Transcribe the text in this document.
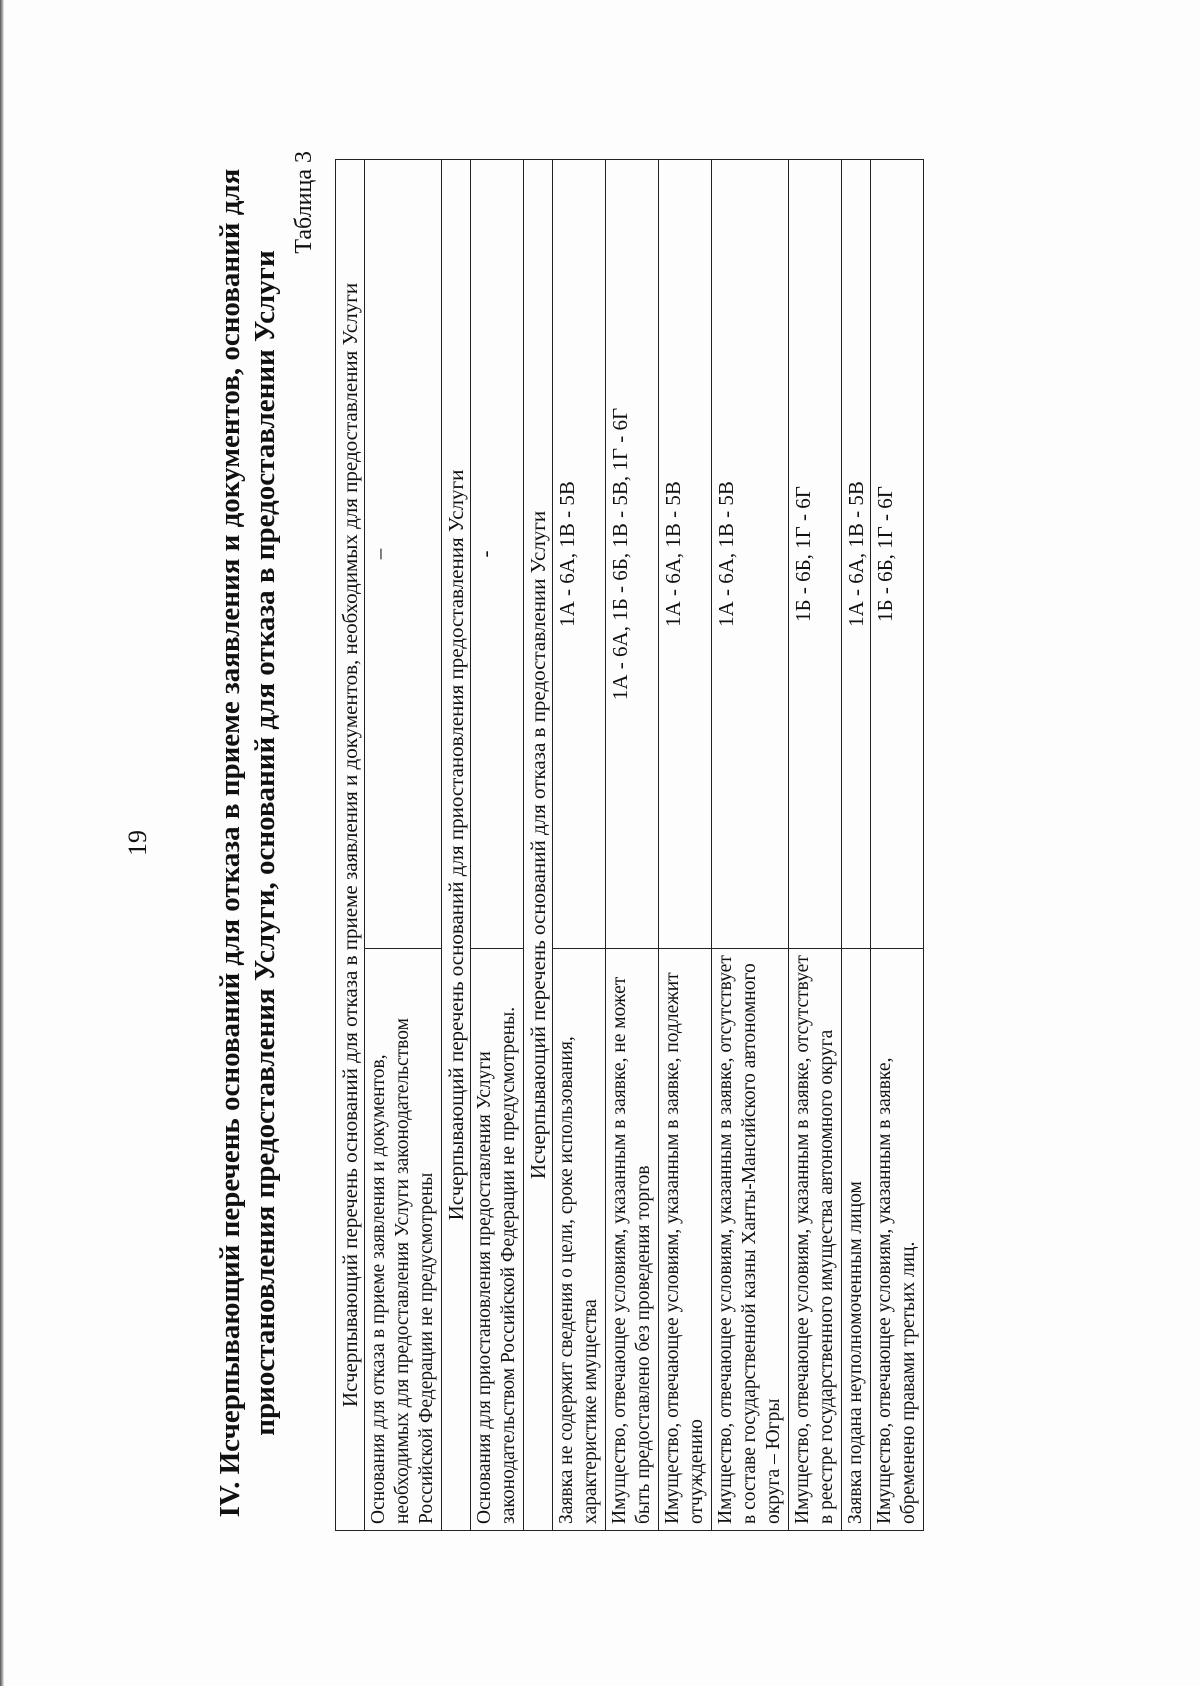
19 IV. Исчерпывающий перечень оснований для отказа в приеме заявления и документов, оснований для приостановления предоставления Услуги, оснований для отказа в предоставлении Услуги
Таблица 3
Исчерпывающий перечень оснований для отказа в приеме заявления и документов, необходимых для предоставления Услуги	
Основания для отказа в приеме заявления и документов, необходимых для предоставления Услуги законодательством Российской Федерации не предусмотрены	–
Исчерпывающий перечень оснований для приостановления предоставления Услуги	
Основания для приостановления предоставления Услуги законодательством Российской Федерации не предусмотрены.	-
Исчерпывающий перечень оснований для отказа в предоставлении Услуги	
Заявка не содержит сведения о цели, сроке использования, характеристике имущества	1А - 6А, 1В - 5В
Имущество, отвечающее условиям, указанным в заявке, не может быть предоставлено без проведения торгов	1А - 6А, 1Б - 6Б, 1В - 5В, 1Г - 6Г
Имущество, отвечающее условиям, указанным в заявке, подлежит отчуждению	1А - 6А, 1В - 5В
Имущество, отвечающее условиям, указанным в заявке, отсутствует в составе государственной казны Ханты-Мансийского автономного округа – Югры	1А - 6А, 1В - 5В
Имущество, отвечающее условиям, указанным в заявке, отсутствует в реестре государственного имущества автономного округа	1Б - 6Б, 1Г - 6Г
Заявка подана неуполномоченным лицом	1А - 6А, 1В - 5В
Имущество, отвечающее условиям, указанным в заявке, обременено правами третьих лиц.	1Б - 6Б, 1Г - 6Г
